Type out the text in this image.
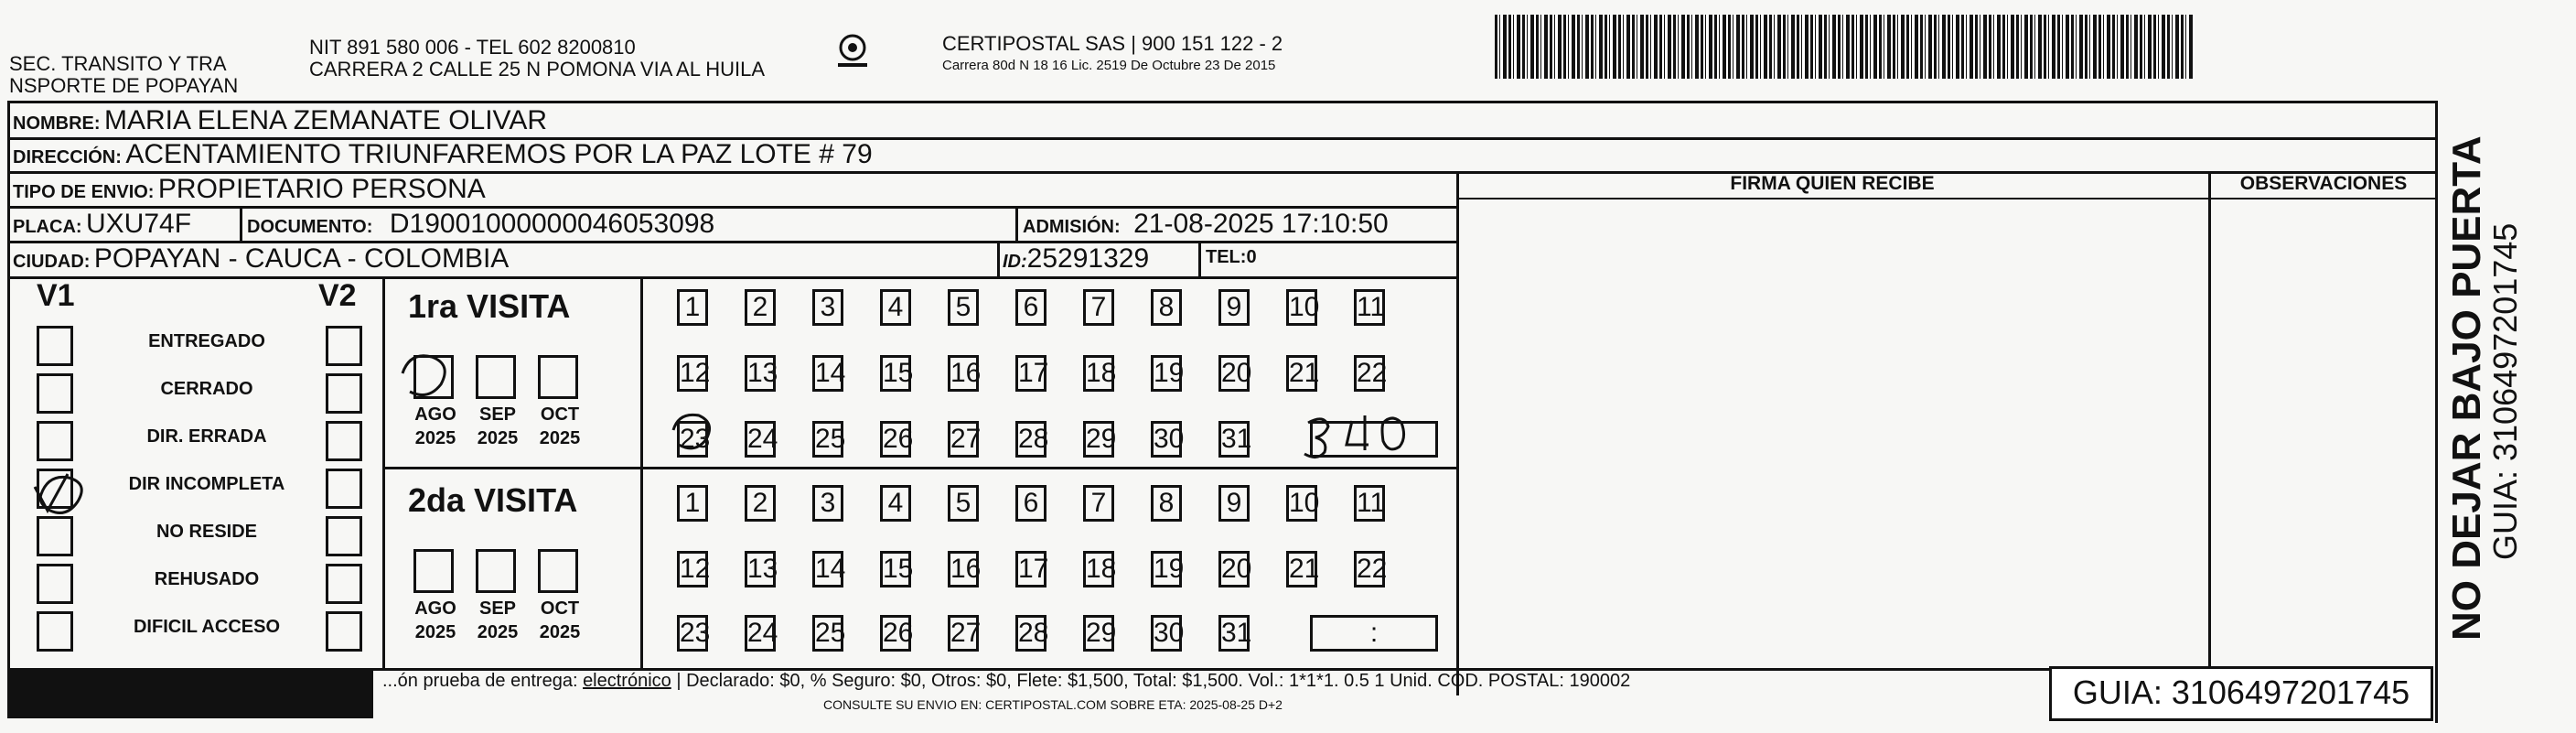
SEC. TRANSITO Y TRA
NSPORTE DE POPAYAN
NIT 891 580 006 - TEL 602 8200810
CARRERA 2 CALLE 25 N POMONA VIA AL HUILA
CERTIPOSTAL SAS | 900 151 122 - 2
Carrera 80d N 18 16 Lic. 2519 De Octubre 23 De 2015
NOMBRE: MARIA ELENA ZEMANATE OLIVAR
DIRECCIÓN: ACENTAMIENTO TRIUNFAREMOS POR LA PAZ LOTE # 79
TIPO DE ENVIO: PROPIETARIO PERSONA	FIRMA QUIEN RECIBE	OBSERVACIONES
PLACA: UXU74F	DOCUMENTO: D19001000000046053098	ADMISIÓN: 21-08-2025 17:10:50
CIUDAD: POPAYAN - CAUCA - COLOMBIA	ID:25291329	TEL:0
V1	V2
ENTREGADO
CERRADO
DIR. ERRADA
DIR INCOMPLETA
NO RESIDE
REHUSADO
DIFICIL ACCESO
1ra VISITA
2da VISITA
AGO
2025
SEP
2025
OCT
2025
AGO
2025
SEP
2025
OCT
2025
1 2 3 4 5 6 7 8 9 10 11
12 13 14 15 16 17 18 19 20 21 22
23 24 25 26 27 28 29 30 31
1 2 3 4 5 6 7 8 9 10 11
12 13 14 15 16 17 18 19 20 21 22
23 24 25 26 27 28 29 30 31	:	NO DEJAR BAJO PUERTA
GUIA: 3106497201745
...ón prueba de entrega: electrónico | Declarado: $0, % Seguro: $0, Otros: $0, Flete: $1,500, Total: $1,500. Vol.: 1*1*1. 0.5 1 Unid. COD. POSTAL: 190002
CONSULTE SU ENVIO EN: CERTIPOSTAL.COM SOBRE ETA: 2025-08-25 D+2	GUIA: 3106497201745
